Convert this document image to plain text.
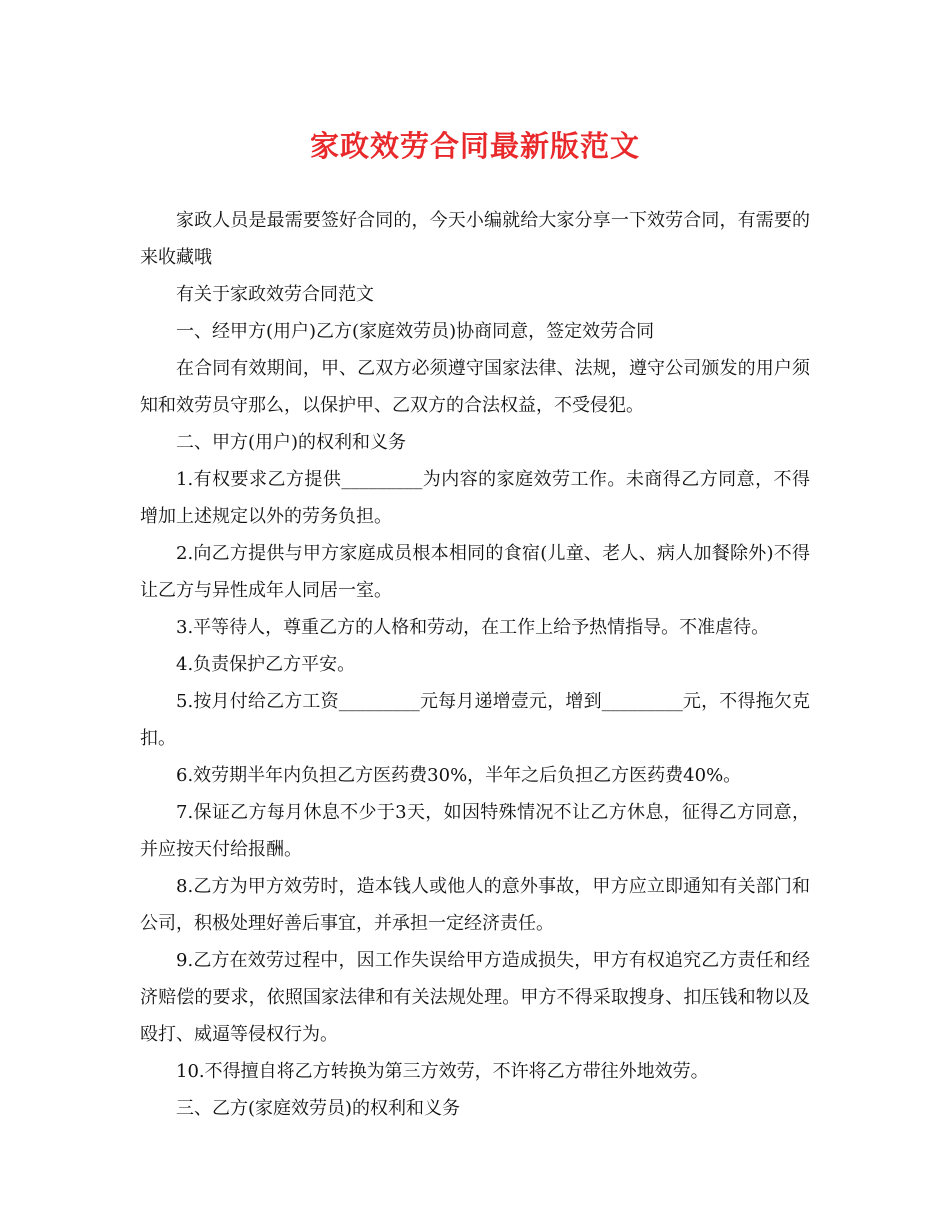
家政效劳合同最新版范文

家政人员是最需要签好合同的，今天小编就给大家分享一下效劳合同，有需要的来收藏哦

有关于家政效劳合同范文

一、经甲方(用户)乙方(家庭效劳员)协商同意，签定效劳合同

在合同有效期间，甲、乙双方必须遵守国家法律、法规，遵守公司颁发的用户须知和效劳员守那么，以保护甲、乙双方的合法权益，不受侵犯。

二、甲方(用户)的权利和义务

1.有权要求乙方提供_________为内容的家庭效劳工作。未商得乙方同意，不得增加上述规定以外的劳务负担。

2.向乙方提供与甲方家庭成员根本相同的食宿(儿童、老人、病人加餐除外)不得让乙方与异性成年人同居一室。

3.平等待人，尊重乙方的人格和劳动，在工作上给予热情指导。不准虐待。

4.负责保护乙方平安。

5.按月付给乙方工资_________元每月递增壹元，增到_________元，不得拖欠克扣。

6.效劳期半年内负担乙方医药费30%，半年之后负担乙方医药费40%。

7.保证乙方每月休息不少于3天，如因特殊情况不让乙方休息，征得乙方同意，并应按天付给报酬。

8.乙方为甲方效劳时，造本钱人或他人的意外事故，甲方应立即通知有关部门和公司，积极处理好善后事宜，并承担一定经济责任。

9.乙方在效劳过程中，因工作失误给甲方造成损失，甲方有权追究乙方责任和经济赔偿的要求，依照国家法律和有关法规处理。甲方不得采取搜身、扣压钱和物以及殴打、威逼等侵权行为。

10.不得擅自将乙方转换为第三方效劳，不许将乙方带往外地效劳。

三、乙方(家庭效劳员)的权利和义务
